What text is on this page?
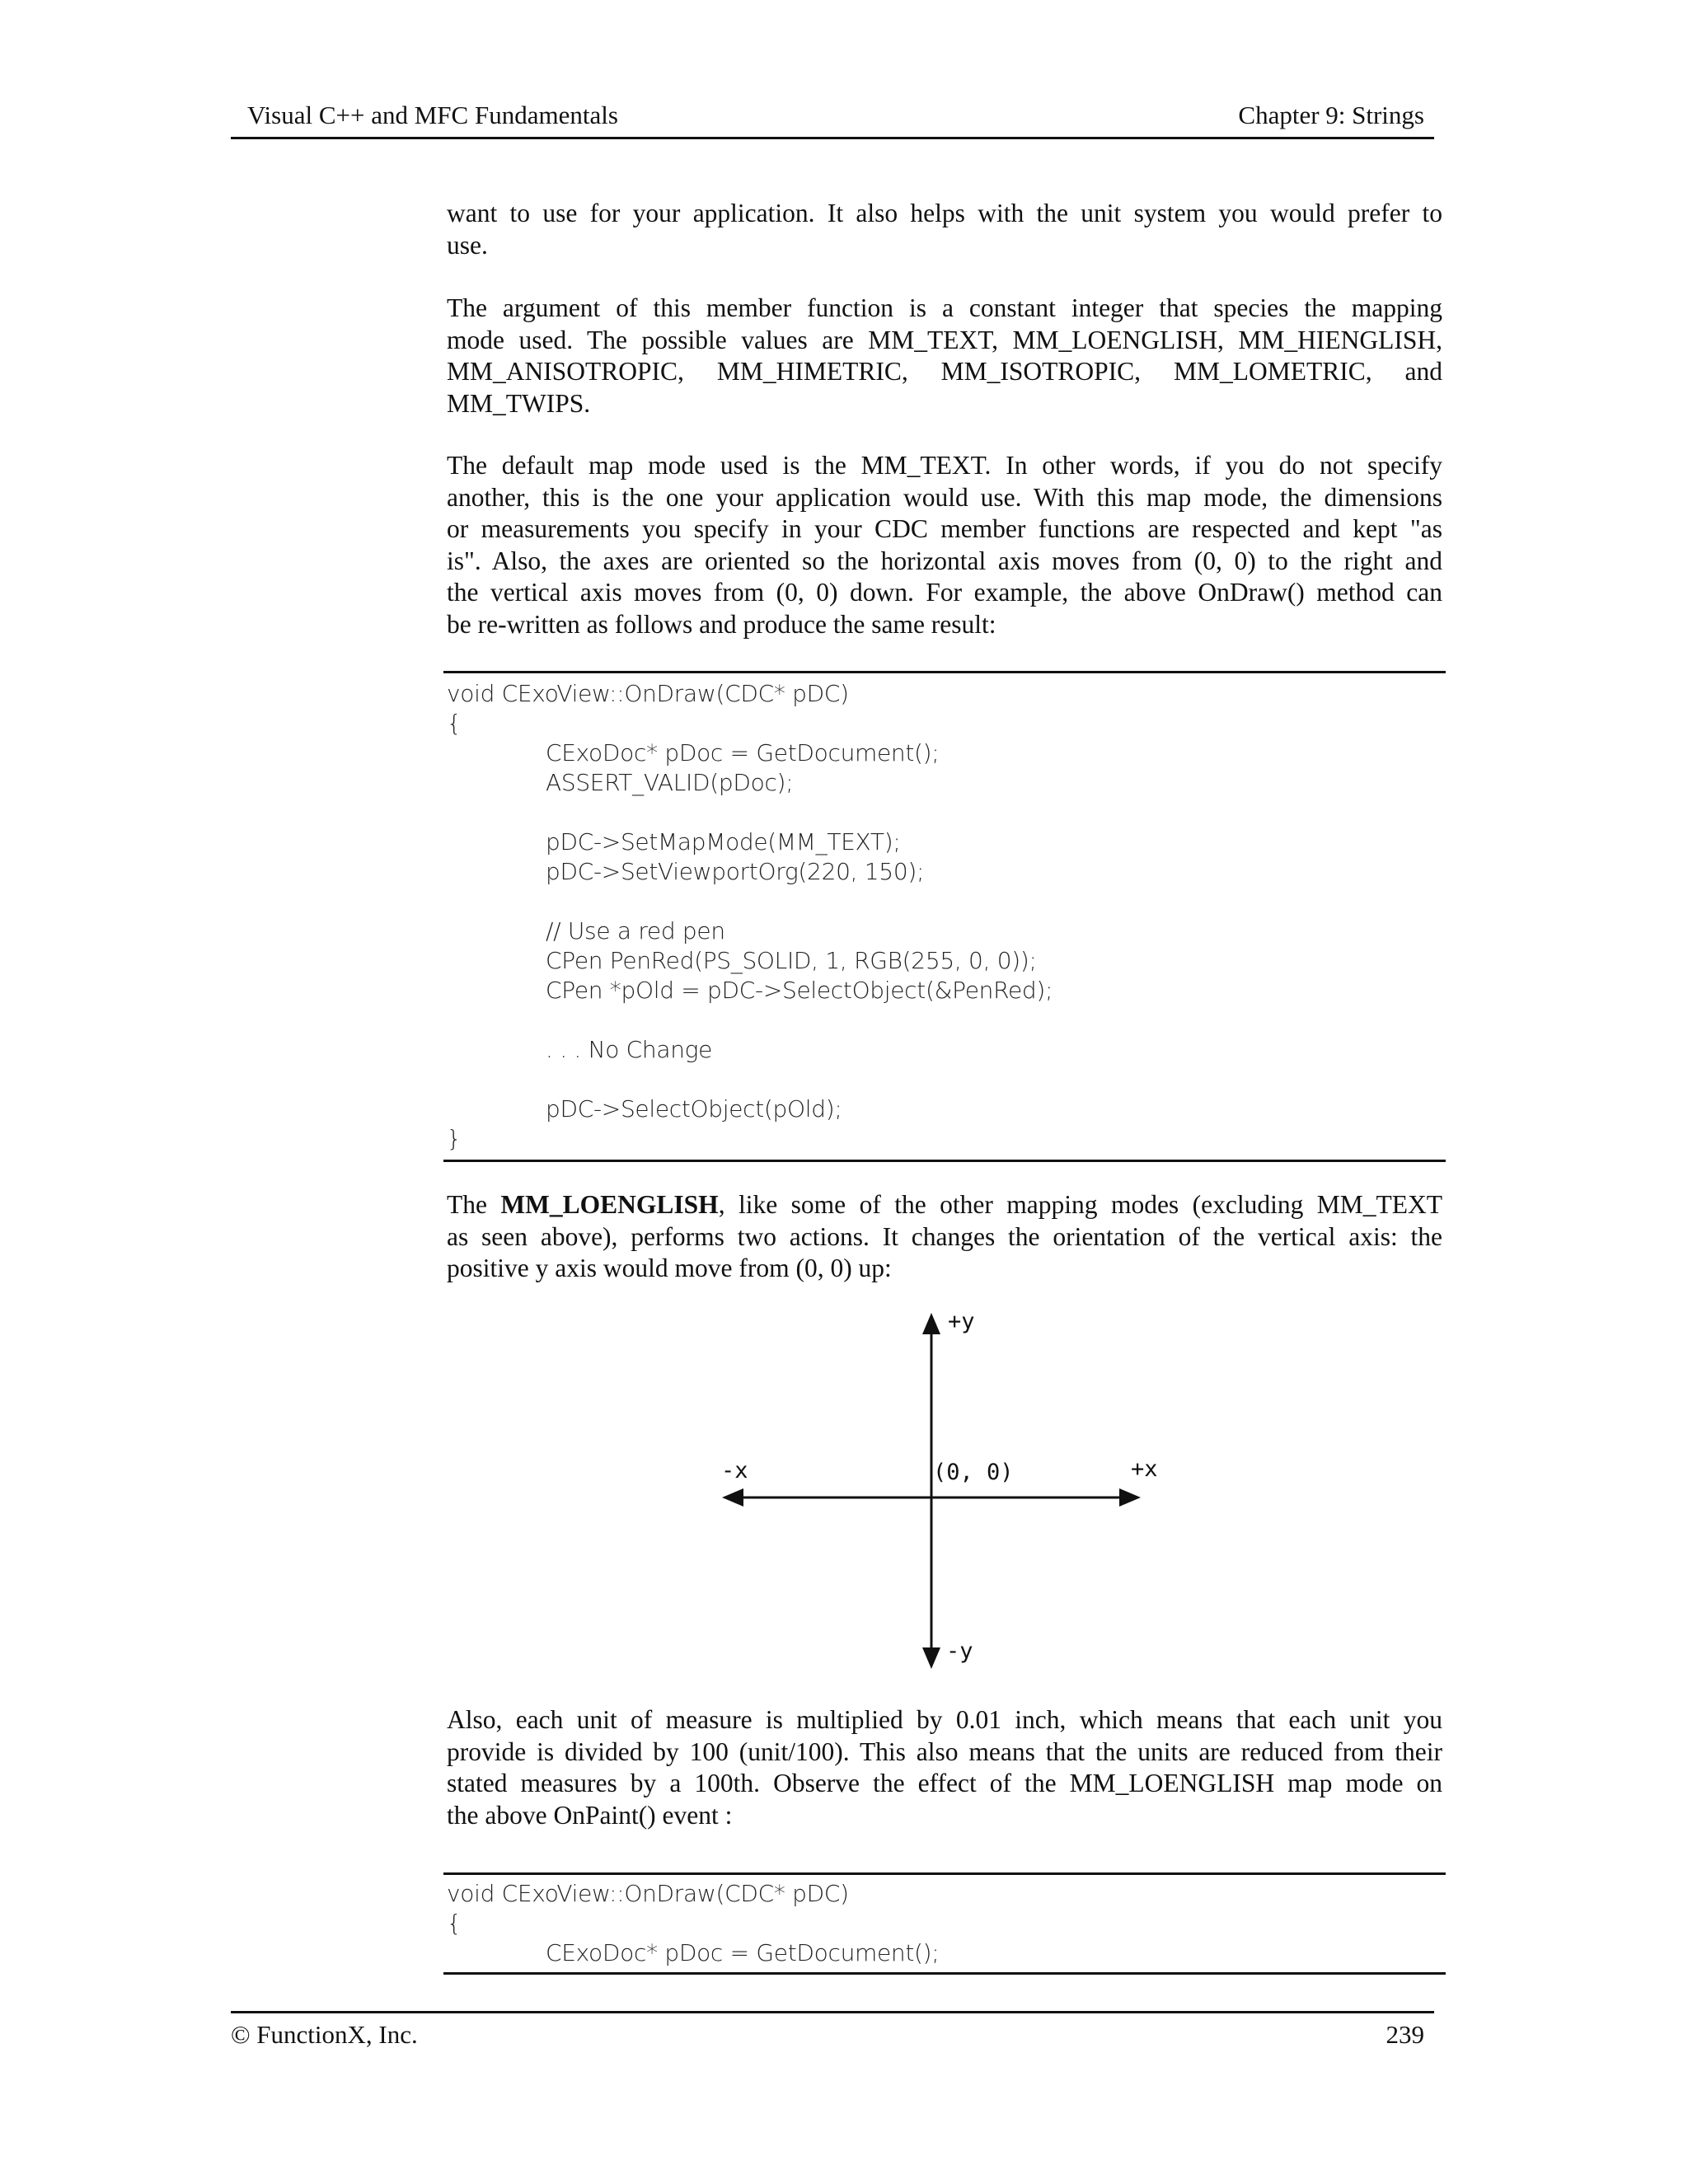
Visual C++ and MFC Fundamentals	Chapter 9: Strings
want to use for your application. It also helps with the unit system you would prefer to
use.
The argument of this member function is a constant integer that species the mapping
mode used. The possible values are MM_TEXT, MM_LOENGLISH, MM_HIENGLISH,
MM_ANISOTROPIC, MM_HIMETRIC, MM_ISOTROPIC, MM_LOMETRIC, and
MM_TWIPS.
The default map mode used is the MM_TEXT. In other words, if you do not specify
another, this is the one your application would use. With this map mode, the dimensions
or measurements you specify in your CDC member functions are respected and kept "as
is". Also, the axes are oriented so the horizontal axis moves from (0, 0) to the right and
the vertical axis moves from (0, 0) down. For example, the above OnDraw() method can
be re-written as follows and produce the same result:
void CExoView::OnDraw(CDC* pDC)
{
CExoDoc* pDoc = GetDocument();
ASSERT_VALID(pDoc);
pDC->SetMapMode(MM_TEXT);
pDC->SetViewportOrg(220, 150);
// Use a red pen
CPen PenRed(PS_SOLID, 1, RGB(255, 0, 0));
CPen *pOld = pDC->SelectObject(&PenRed);
. . . No Change
pDC->SelectObject(pOld);
}
The MM_LOENGLISH, like some of the other mapping modes (excluding MM_TEXT
as seen above), performs two actions. It changes the orientation of the vertical axis: the
positive y axis would move from (0, 0) up:
+y
-y
-x	+x
(0, 0)
Also, each unit of measure is multiplied by 0.01 inch, which means that each unit you
provide is divided by 100 (unit/100). This also means that the units are reduced from their
stated measures by a 100th. Observe the effect of the MM_LOENGLISH map mode on
the above OnPaint() event :
void CExoView::OnDraw(CDC* pDC)
{
CExoDoc* pDoc = GetDocument();
© FunctionX, Inc.	239
